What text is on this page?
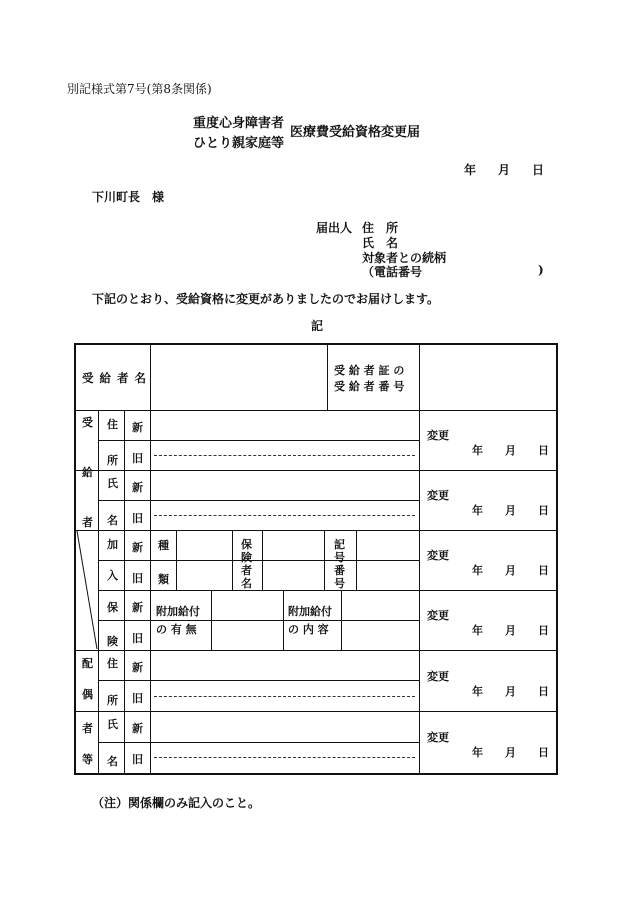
別記様式第7号(第8条関係)
重度心身障害者
ひとり親家庭等
医療費受給資格変更届
年 月 日
下川町長　様
届出人 住　所
氏　名
対象者との続柄
（電話番号	)
下記のとおり、受給資格に変更がありましたのでお届けします。
記
受 給 者 名
受 給 者 証 の
受 給 者 番 号
受
給
者
配
偶
者
等
住
所
氏
名
加
入
保
険
住
所
氏
名
新
旧
新
旧
新
旧
新
旧
新
旧
新
旧
種
類
保
険
者
名
記
号
番
号
附加給付
の 有 無
附加給付
の 内 容
変更
年 月 日
変更
年 月 日
変更
年 月 日
変更
年 月 日
変更
年 月 日
変更
年 月 日
（注）関係欄のみ記入のこと。
